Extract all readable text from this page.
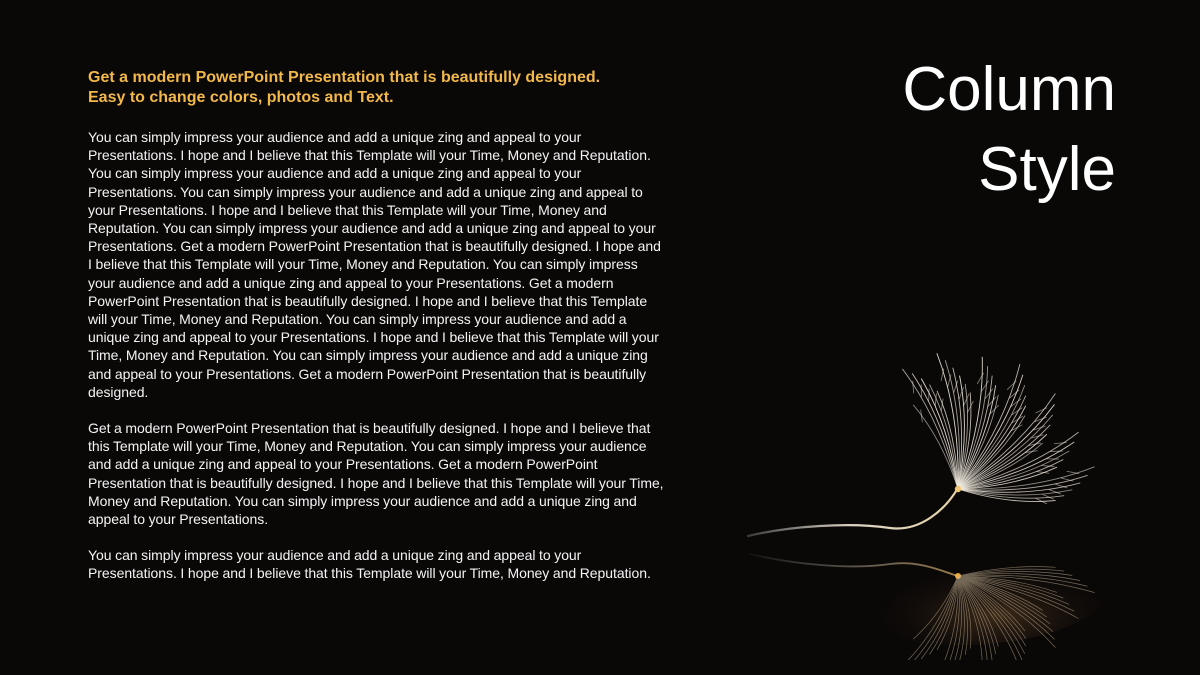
Get a modern PowerPoint Presentation that is beautifully designed.
Easy to change colors, photos and Text.

You can simply impress your audience and add a unique zing and appeal to your Presentations. I hope and I believe that this Template will your Time, Money and Reputation. You can simply impress your audience and add a unique zing and appeal to your Presentations. You can simply impress your audience and add a unique zing and appeal to your Presentations. I hope and I believe that this Template will your Time, Money and Reputation. You can simply impress your audience and add a unique zing and appeal to your Presentations. Get a modern PowerPoint Presentation that is beautifully designed. I hope and I believe that this Template will your Time, Money and Reputation. You can simply impress your audience and add a unique zing and appeal to your Presentations. Get a modern PowerPoint Presentation that is beautifully designed. I hope and I believe that this Template will your Time, Money and Reputation. You can simply impress your audience and add a unique zing and appeal to your Presentations. I hope and I believe that this Template will your Time, Money and Reputation. You can simply impress your audience and add a unique zing and appeal to your Presentations. Get a modern PowerPoint Presentation that is beautifully designed.

Get a modern PowerPoint Presentation that is beautifully designed. I hope and I believe that this Template will your Time, Money and Reputation. You can simply impress your audience and add a unique zing and appeal to your Presentations. Get a modern PowerPoint Presentation that is beautifully designed. I hope and I believe that this Template will your Time, Money and Reputation. You can simply impress your audience and add a unique zing and appeal to your Presentations.

You can simply impress your audience and add a unique zing and appeal to your Presentations. I hope and I believe that this Template will your Time, Money and Reputation.

Column
Style
